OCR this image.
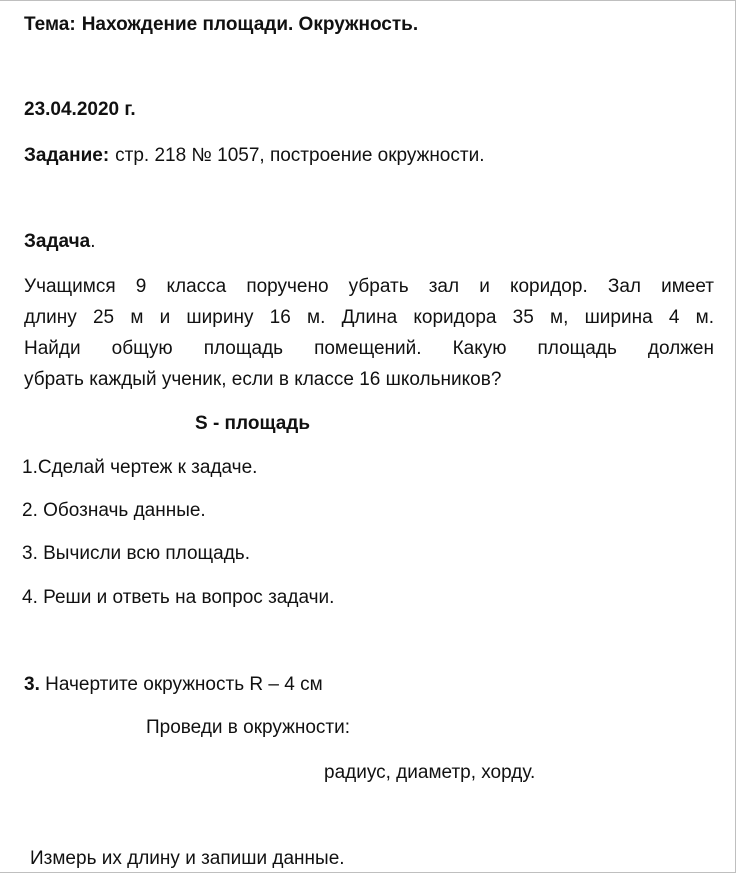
Тема: Нахождение площади. Окружность.
23.04.2020 г.
Задание: стр. 218 № 1057, построение окружности.
Задача.
Учащимся 9 класса поручено убрать зал и коридор. Зал имеет
длину 25 м и ширину 16 м. Длина коридора 35 м, ширина 4 м.
Найди общую площадь помещений. Какую площадь должен
убрать каждый ученик, если в классе 16 школьников?
S - площадь
1.Сделай чертеж к задаче.
2. Обозначь данные.
3. Вычисли всю площадь.
4. Реши и ответь на вопрос задачи.
3. Начертите окружность R – 4 см
Проведи в окружности:
радиус, диаметр, хорду.
Измерь их длину и запиши данные.
